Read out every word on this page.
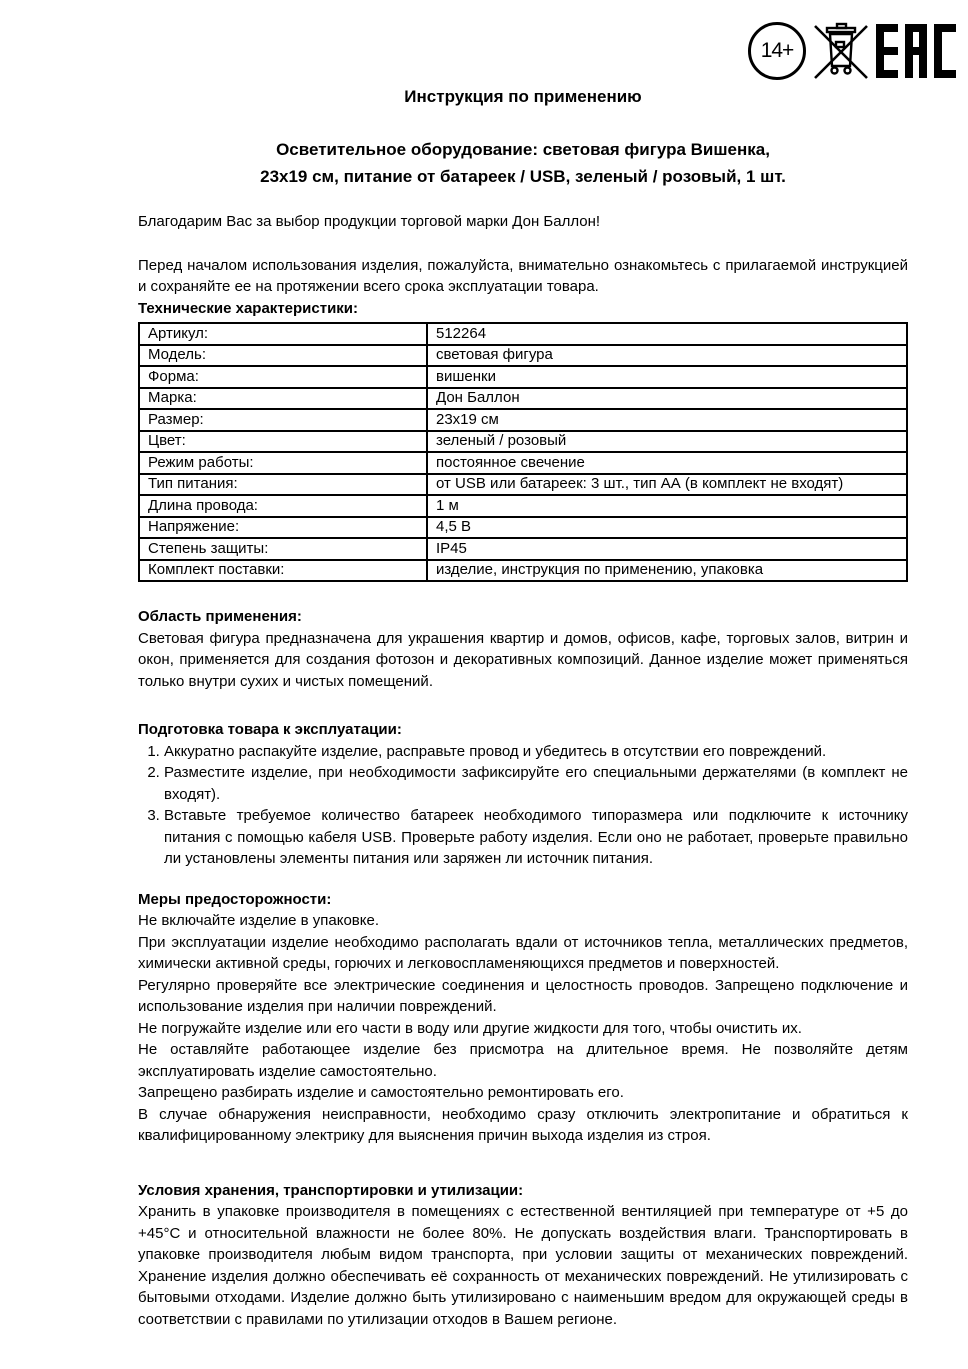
14+
Инструкция по применению
Осветительное оборудование: световая фигура Вишенка,
23х19 см, питание от батареек / USB, зеленый / розовый, 1 шт.

Благодарим Вас за выбор продукции торговой марки Дон Баллон!

Перед началом использования изделия, пожалуйста, внимательно ознакомьтесь с прилагаемой инструкцией и сохраняйте ее на протяжении всего срока эксплуатации товара.

Технические характеристики:
Артикул:	512264
Модель:	световая фигура
Форма:	вишенки
Марка:	Дон Баллон
Размер:	23х19 см
Цвет:	зеленый / розовый
Режим работы:	постоянное свечение
Тип питания:	от USB или батареек: 3 шт., тип АА (в комплект не входят)
Длина провода:	1 м
Напряжение:	4,5 В
Степень защиты:	IP45
Комплект поставки:	изделие, инструкция по применению, упаковка
Область применения:

Световая фигура предназначена для украшения квартир и домов, офисов, кафе, торговых залов, витрин и окон, применяется для создания фотозон и декоративных композиций. Данное изделие может применяться только внутри сухих и чистых помещений.

Подготовка товара к эксплуатации:
1. Аккуратно распакуйте изделие, расправьте провод и убедитесь в отсутствии его повреждений.
2. Разместите изделие, при необходимости зафиксируйте его специальными держателями (в комплект не входят).
3. Вставьте требуемое количество батареек необходимого типоразмера или подключите к источнику питания с помощью кабеля USB. Проверьте работу изделия. Если оно не работает, проверьте правильно ли установлены элементы питания или заряжен ли источник питания.
Меры предосторожности:

Не включайте изделие в упаковке.

При эксплуатации изделие необходимо располагать вдали от источников тепла, металлических предметов, химически активной среды, горючих и легковоспламеняющихся предметов и поверхностей.

Регулярно проверяйте все электрические соединения и целостность проводов. Запрещено подключение и использование изделия при наличии повреждений.

Не погружайте изделие или его части в воду или другие жидкости для того, чтобы очистить их.

Не оставляйте работающее изделие без присмотра на длительное время. Не позволяйте детям эксплуатировать изделие самостоятельно.

Запрещено разбирать изделие и самостоятельно ремонтировать его.

В случае обнаружения неисправности, необходимо сразу отключить электропитание и обратиться к квалифицированному электрику для выяснения причин выхода изделия из строя.

Условия хранения, транспортировки и утилизации:

Хранить в упаковке производителя в помещениях с естественной вентиляцией при температуре от +5 до +45°С и относительной влажности не более 80%. Не допускать воздействия влаги. Транспортировать в упаковке производителя любым видом транспорта, при условии защиты от механических повреждений. Хранение изделия должно обеспечивать её сохранность от механических повреждений. Не утилизировать с бытовыми отходами. Изделие должно быть утилизировано с наименьшим вредом для окружающей среды в соответствии с правилами по утилизации отходов в Вашем регионе.
